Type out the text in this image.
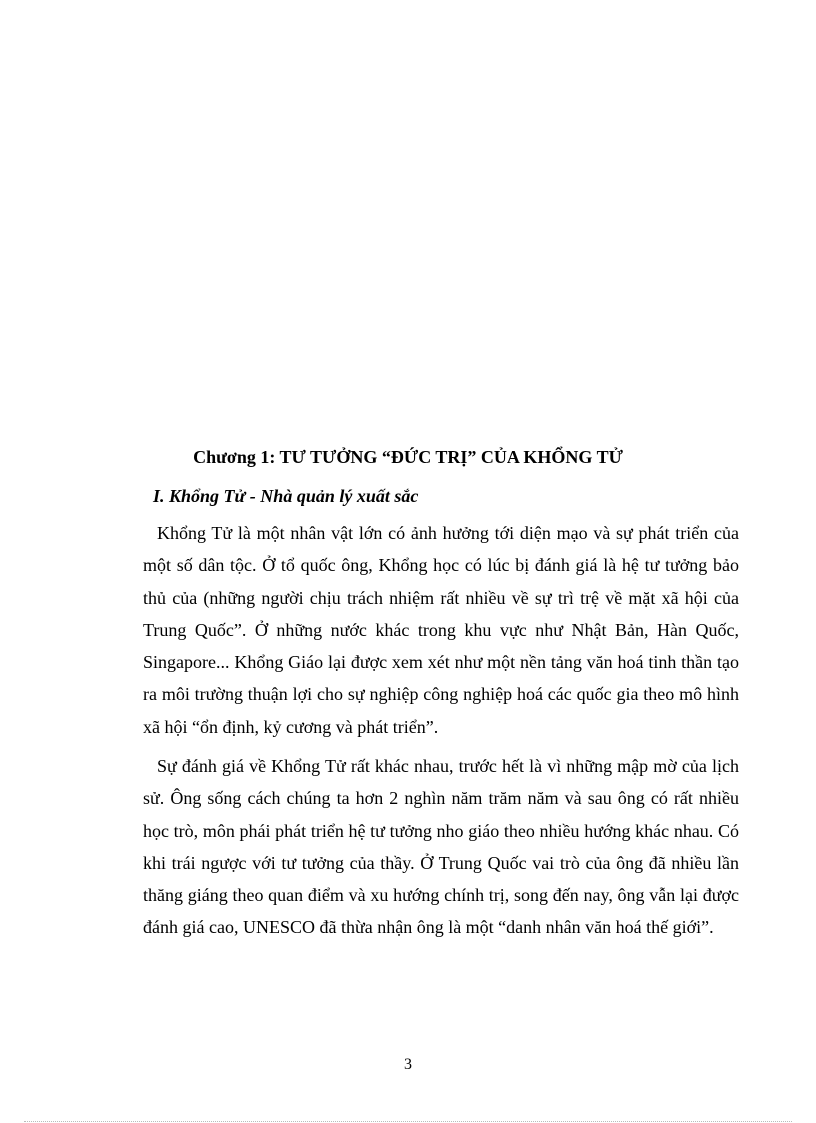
Chương 1: TƯ TƯỞNG “ĐỨC TRỊ” CỦA KHỔNG TỬ
I. Khổng Tử - Nhà quản lý xuất sắc

Khổng Tử là một nhân vật lớn có ảnh hưởng tới diện mạo và sự phát triển của một số dân tộc. Ở tổ quốc ông, Khổng học có lúc bị đánh giá là hệ tư tưởng bảo thủ của (những người chịu trách nhiệm rất nhiều về sự trì trệ về mặt xã hội của Trung Quốc”. Ở những nước khác trong khu vực như Nhật Bản, Hàn Quốc, Singapore... Khổng Giáo lại được xem xét như một nền tảng văn hoá tinh thần tạo ra môi trường thuận lợi cho sự nghiệp công nghiệp hoá các quốc gia theo mô hình xã hội “ổn định, kỷ cương và phát triển”.

Sự đánh giá về Khổng Tử rất khác nhau, trước hết là vì những mập mờ của lịch sử. Ông sống cách chúng ta hơn 2 nghìn năm trăm năm và sau ông có rất nhiều học trò, môn phái phát triển hệ tư tưởng nho giáo theo nhiều hướng khác nhau. Có khi trái ngược với tư tưởng của thầy. Ở Trung Quốc vai trò của ông đã nhiều lần thăng giáng theo quan điểm và xu hướng chính trị, song đến nay, ông vẫn lại được đánh giá cao, UNESCO đã thừa nhận ông là một “danh nhân văn hoá thế giới”.

3
